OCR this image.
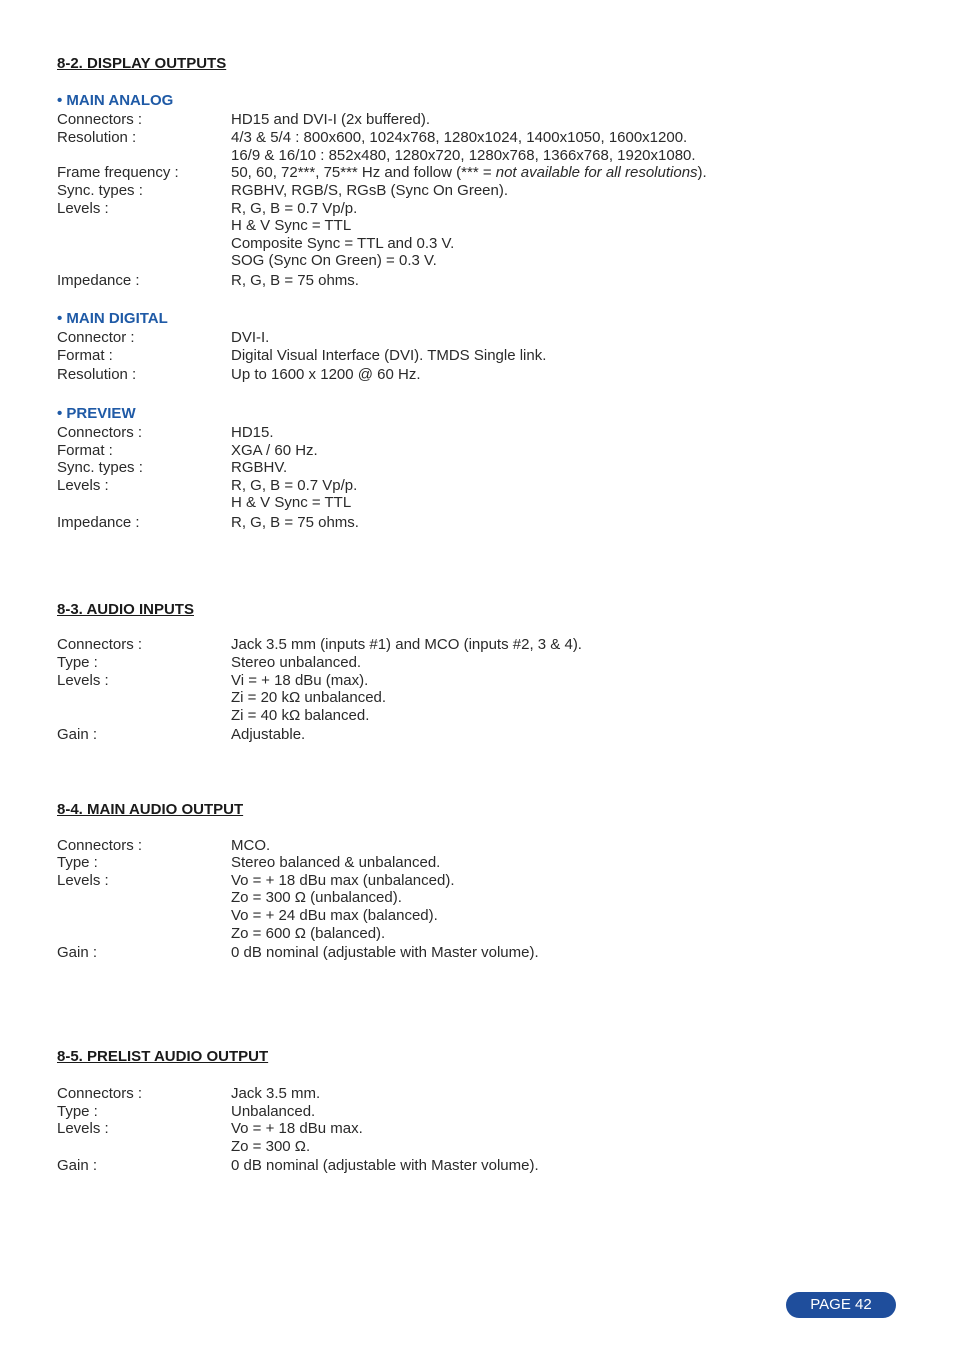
8-2. DISPLAY OUTPUTS
• MAIN ANALOG
Connectors :	HD15 and DVI-I (2x buffered).
Resolution :	4/3 & 5/4 : 800x600, 1024x768, 1280x1024, 1400x1050, 1600x1200.
16/9 & 16/10 : 852x480, 1280x720, 1280x768, 1366x768, 1920x1080.
Frame frequency :	50, 60, 72***, 75*** Hz and follow (*** = not available for all resolutions).
Sync. types :	RGBHV, RGB/S, RGsB (Sync On Green).
Levels :	R, G, B = 0.7 Vp/p.
H & V Sync = TTL
Composite Sync = TTL and 0.3 V.
SOG (Sync On Green) = 0.3 V.
Impedance :	R, G, B = 75 ohms.
• MAIN DIGITAL
Connector :	DVI-I.
Format :	Digital Visual Interface (DVI). TMDS Single link.
Resolution :	Up to 1600 x 1200 @ 60 Hz.
• PREVIEW
Connectors :	HD15.
Format :	XGA / 60 Hz.
Sync. types :	RGBHV.
Levels :	R, G, B = 0.7 Vp/p.
H & V Sync = TTL
Impedance :	R, G, B = 75 ohms.
8-3. AUDIO INPUTS
Connectors :	Jack 3.5 mm (inputs #1) and MCO (inputs #2, 3 & 4).
Type :	Stereo unbalanced.
Levels :	Vi = + 18 dBu (max).
Zi = 20 kΩ unbalanced.
Zi = 40 kΩ balanced.
Gain :	Adjustable.
8-4. MAIN AUDIO OUTPUT
Connectors :	MCO.
Type :	Stereo balanced & unbalanced.
Levels :	Vo = + 18 dBu max (unbalanced).
Zo = 300 Ω (unbalanced).
Vo = + 24 dBu max (balanced).
Zo = 600 Ω (balanced).
Gain :	0 dB nominal (adjustable with Master volume).
8-5. PRELIST AUDIO OUTPUT
Connectors :	Jack 3.5 mm.
Type :	Unbalanced.
Levels :	Vo = + 18 dBu max.
Zo = 300 Ω.
Gain :	0 dB nominal (adjustable with Master volume).
PAGE 42
